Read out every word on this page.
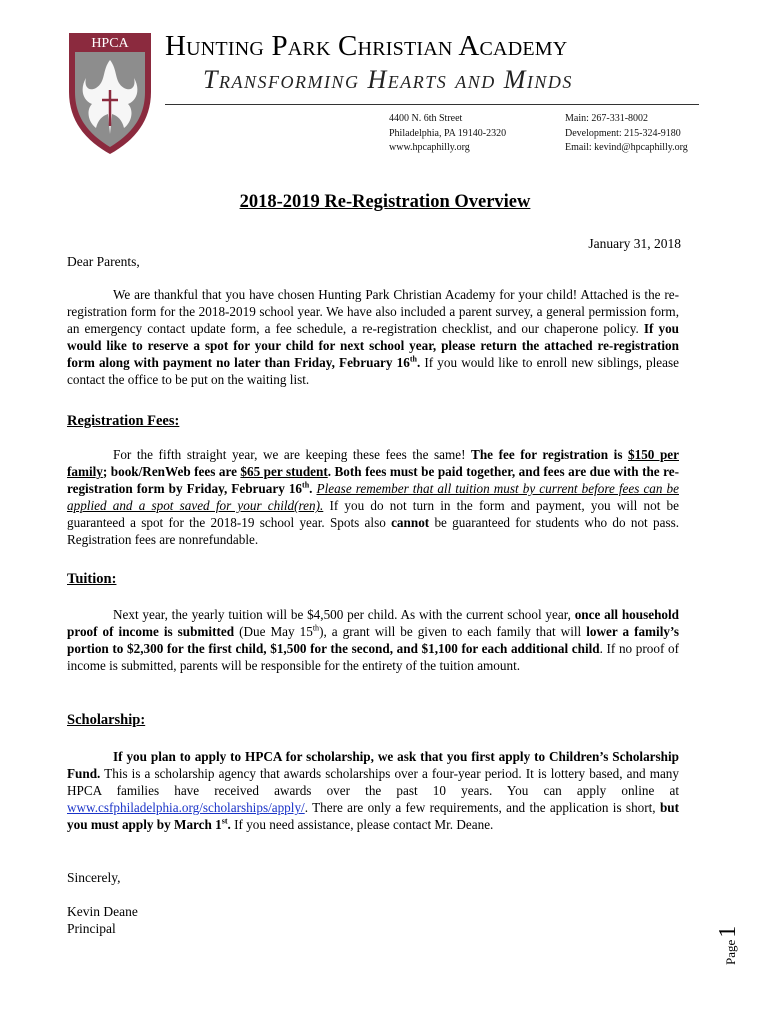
HPCA Hunting Park Christian Academy
Transforming Hearts and Minds
4400 N. 6th Street
Philadelphia, PA 19140-2320
www.hpcaphilly.org
Main: 267-331-8002
Development: 215-324-9180
Email: kevind@hpcaphilly.org
2018-2019 Re-Registration Overview
January 31, 2018
Dear Parents,
We are thankful that you have chosen Hunting Park Christian Academy for your child! Attached is the re-registration form for the 2018-2019 school year. We have also included a parent survey, a general permission form, an emergency contact update form, a fee schedule, a re-registration checklist, and our chaperone policy. If you would like to reserve a spot for your child for next school year, please return the attached re-registration form along with payment no later than Friday, February 16th. If you would like to enroll new siblings, please contact the office to be put on the waiting list.
Registration Fees:
For the fifth straight year, we are keeping these fees the same! The fee for registration is $150 per family; book/RenWeb fees are $65 per student. Both fees must be paid together, and fees are due with the re-registration form by Friday, February 16th. Please remember that all tuition must by current before fees can be applied and a spot saved for your child(ren). If you do not turn in the form and payment, you will not be guaranteed a spot for the 2018-19 school year. Spots also cannot be guaranteed for students who do not pass. Registration fees are nonrefundable.
Tuition:
Next year, the yearly tuition will be $4,500 per child. As with the current school year, once all household proof of income is submitted (Due May 15th), a grant will be given to each family that will lower a family’s portion to $2,300 for the first child, $1,500 for the second, and $1,100 for each additional child. If no proof of income is submitted, parents will be responsible for the entirety of the tuition amount.
Scholarship:
If you plan to apply to HPCA for scholarship, we ask that you first apply to Children’s Scholarship Fund. This is a scholarship agency that awards scholarships over a four-year period. It is lottery based, and many HPCA families have received awards over the past 10 years. You can apply online at www.csfphiladelphia.org/scholarships/apply/. There are only a few requirements, and the application is short, but you must apply by March 1st. If you need assistance, please contact Mr. Deane.
Sincerely,
Kevin Deane
Principal
Page1
